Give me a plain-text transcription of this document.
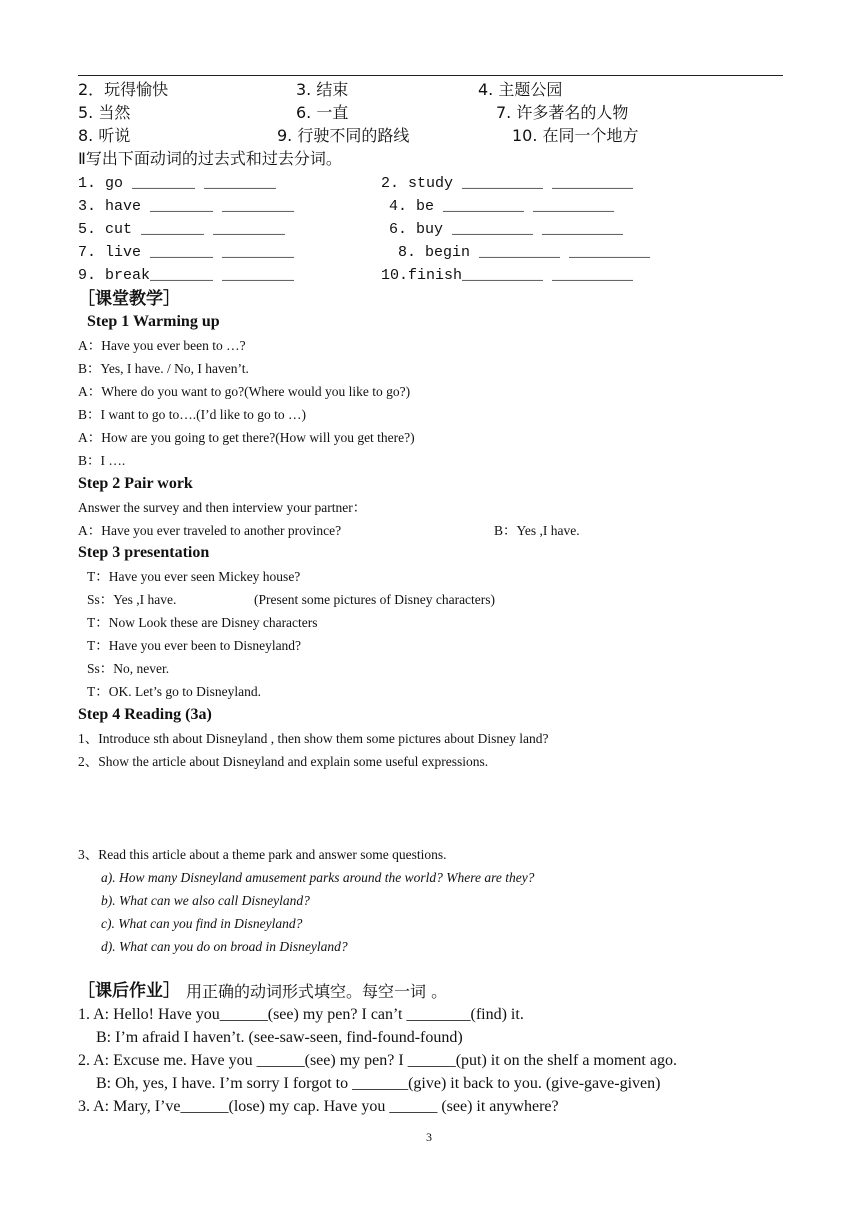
2．玩得愉快	3. 结束	4. 主题公园
5. 当然	6. 一直	7. 许多著名的人物
8. 听说	9. 行驶不同的路线	10. 在同一个地方
Ⅱ写出下面动词的过去式和过去分词。
1. go _______ ________	2. study _________ _________
3. have _______ ________	4. be _________ _________
5. cut _______ ________	6. buy _________ _________
7. live _______ ________	8. begin _________ _________
9. break_______ ________	10.finish_________ _________
［课堂教学］
Step 1 Warming up
A：Have you ever been to …?
B：Yes, I have. / No, I haven’t.
A：Where do you want to go?(Where would you like to go?)
B：I want to go to….(I’d like to go to …)
A：How are you going to get there?(How will you get there?)
B：I ….
Step 2 Pair work
Answer the survey and then interview your partner：
A：Have you ever traveled to another province?	B：Yes ,I have.
Step 3 presentation
T：Have you ever seen Mickey house?
Ss：Yes ,I have.	(Present some pictures of Disney characters)
T：Now Look these are Disney characters
T：Have you ever been to Disneyland?
Ss：No, never.
T：OK. Let’s go to Disneyland.
Step 4 Reading (3a)
1、Introduce sth about Disneyland , then show them some pictures about Disney land?
2、Show the article about Disneyland and explain some useful expressions.
3、Read this article about a theme park and answer some questions.
a). How many Disneyland amusement parks around the world? Where are they?
b). What can we also call Disneyland?
c). What can you find in Disneyland?
d). What can you do on broad in Disneyland?
［课后作业］ 用正确的动词形式填空。每空一词 。
1. A: Hello! Have you______(see) my pen? I can’t ________(find) it.
B: I’m afraid I haven’t. (see-saw-seen, find-found-found)
2. A: Excuse me. Have you ______(see) my pen? I ______(put) it on the shelf a moment ago.
B: Oh, yes, I have. I’m sorry I forgot to _______(give) it back to you. (give-gave-given)
3. A: Mary, I’ve______(lose) my cap. Have you ______ (see) it anywhere?
3
